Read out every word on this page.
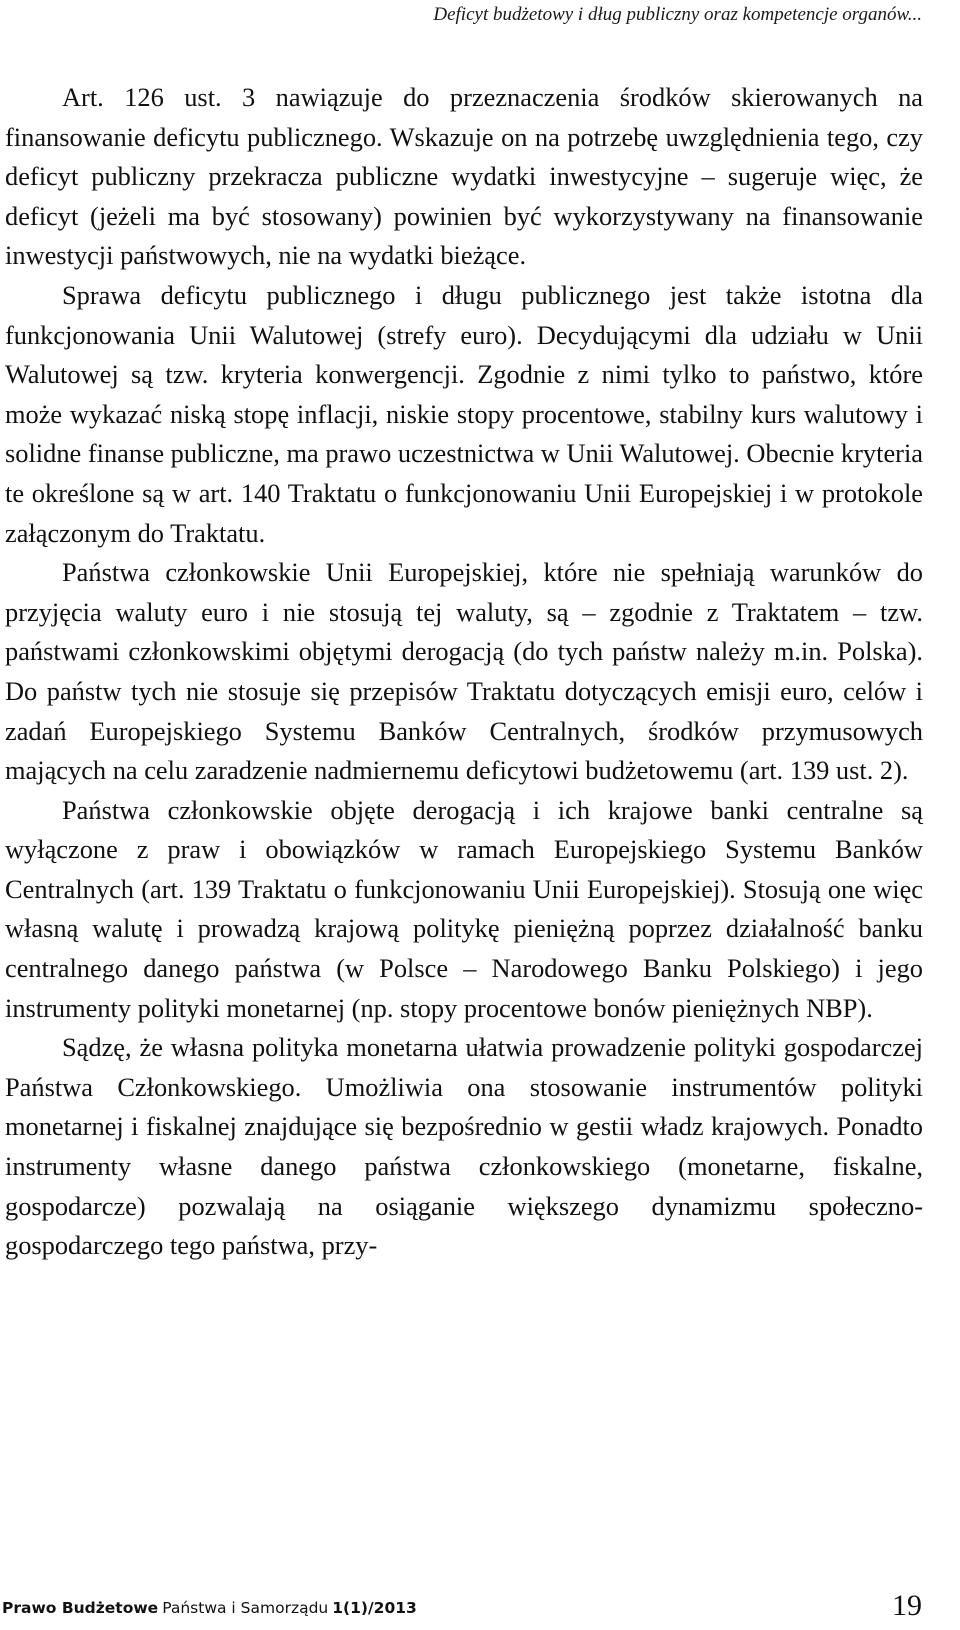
Deficyt budżetowy i dług publiczny oraz kompetencje organów...

Art. 126 ust. 3 nawiązuje do przeznaczenia środków skierowanych na finansowanie deficytu publicznego. Wskazuje on na potrzebę uwzględnienia tego, czy deficyt publiczny przekracza publiczne wydatki inwestycyjne – sugeruje więc, że deficyt (jeżeli ma być stosowany) powinien być wykorzystywany na finansowanie inwestycji państwowych, nie na wydatki bieżące.

Sprawa deficytu publicznego i długu publicznego jest także istotna dla funkcjonowania Unii Walutowej (strefy euro). Decydującymi dla udziału w Unii Walutowej są tzw. kryteria konwergencji. Zgodnie z nimi tylko to państwo, które może wykazać niską stopę inflacji, niskie stopy procentowe, stabilny kurs walutowy i solidne finanse publiczne, ma prawo uczestnictwa w Unii Walutowej. Obecnie kryteria te określone są w art. 140 Traktatu o funkcjonowaniu Unii Europejskiej i w protokole załączonym do Traktatu.

Państwa członkowskie Unii Europejskiej, które nie spełniają warunków do przyjęcia waluty euro i nie stosują tej waluty, są – zgodnie z Traktatem – tzw. państwami członkowskimi objętymi derogacją (do tych państw należy m.in. Polska). Do państw tych nie stosuje się przepisów Traktatu dotyczących emisji euro, celów i zadań Europejskiego Systemu Banków Centralnych, środków przymusowych mających na celu zaradzenie nadmiernemu deficytowi budżetowemu (art. 139 ust. 2).

Państwa członkowskie objęte derogacją i ich krajowe banki centralne są wyłączone z praw i obowiązków w ramach Europejskiego Systemu Banków Centralnych (art. 139 Traktatu o funkcjonowaniu Unii Europejskiej). Stosują one więc własną walutę i prowadzą krajową politykę pieniężną poprzez działalność banku centralnego danego państwa (w Polsce – Narodowego Banku Polskiego) i jego instrumenty polityki monetarnej (np. stopy procentowe bonów pieniężnych NBP).

Sądzę, że własna polityka monetarna ułatwia prowadzenie polityki gospodarczej Państwa Członkowskiego. Umożliwia ona stosowanie instrumentów polityki monetarnej i fiskalnej znajdujące się bezpośrednio w gestii władz krajowych. Ponadto instrumenty własne danego państwa członkowskiego (monetarne, fiskalne, gospodarcze) pozwalają na osiąganie większego dynamizmu społeczno-gospodarczego tego państwa, przy-

Prawo Budżetowe Państwa i Samorządu 1(1)/2013	19
